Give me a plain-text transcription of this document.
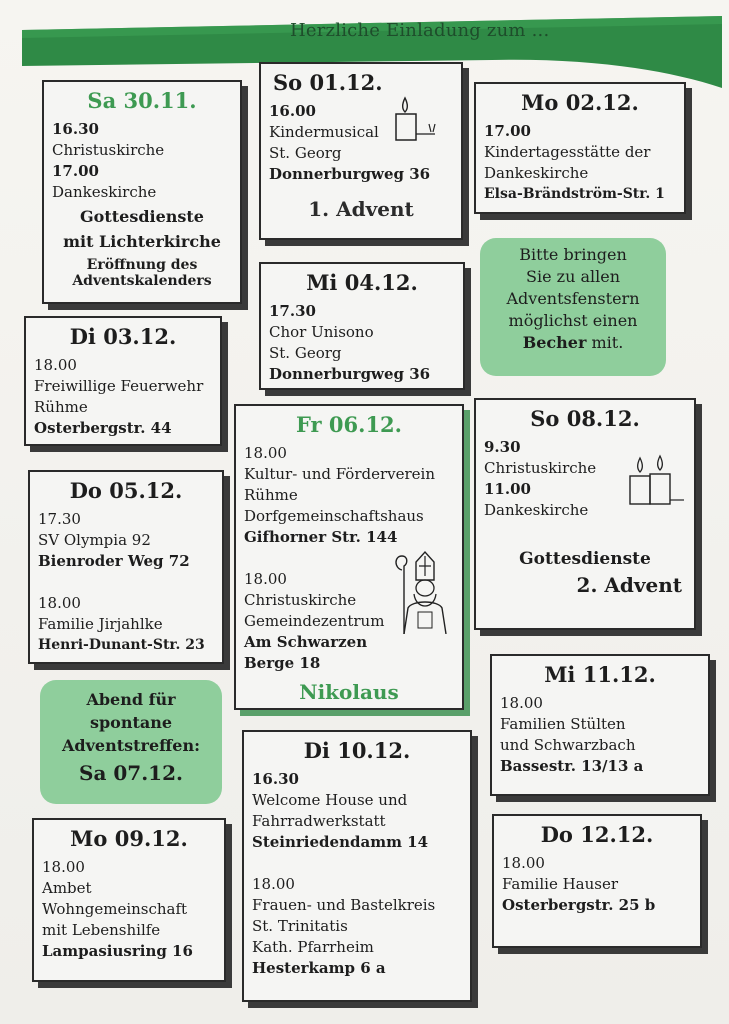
Herzliche Einladung zum ...
Sa 30.11.
16.30
Christuskirche
17.00
Dankeskirche
Gottesdienste
mit Lichterkirche
Eröffnung des
Adventskalenders
So 01.12.
16.00
Kindermusical
St. Georg
Donnerburgweg 36
1. Advent
Mo 02.12.
17.00
Kindertagesstätte der
Dankeskirche
Elsa-Brändström-Str. 1
Mi 04.12.
17.30
Chor Unisono
St. Georg
Donnerburgweg 36
Bitte bringen
Sie zu allen
Adventsfenstern
möglichst einen
Becher mit.
Di 03.12.
18.00
Freiwillige Feuerwehr
Rühme
Osterbergstr. 44	Fr 06.12.
18.00
Kultur- und Förderverein
Rühme
Dorfgemeinschaftshaus
Gifhorner Str. 144
18.00
Christuskirche
Gemeindezentrum
Am Schwarzen
Berge 18
Nikolaus
So 08.12.
9.30
Christuskirche
11.00
Dankeskirche
Gottesdienste
2. Advent
Do 05.12.
17.30
SV Olympia 92
Bienroder Weg 72
18.00
Familie Jirjahlke
Henri-Dunant-Str. 23
Abend für
spontane
Adventstreffen:
Sa 07.12.
Mi 11.12.
18.00
Familien Stülten
und Schwarzbach
Bassestr. 13/13 a
Di 10.12.
16.30
Welcome House und
Fahrradwerkstatt
Steinriedendamm 14
18.00
Frauen- und Bastelkreis
St. Trinitatis
Kath. Pfarrheim
Hesterkamp 6 a
Mo 09.12.
18.00
Ambet
Wohngemeinschaft
mit Lebenshilfe
Lampasiusring 16
Do 12.12.
18.00
Familie Hauser
Osterbergstr. 25 b
